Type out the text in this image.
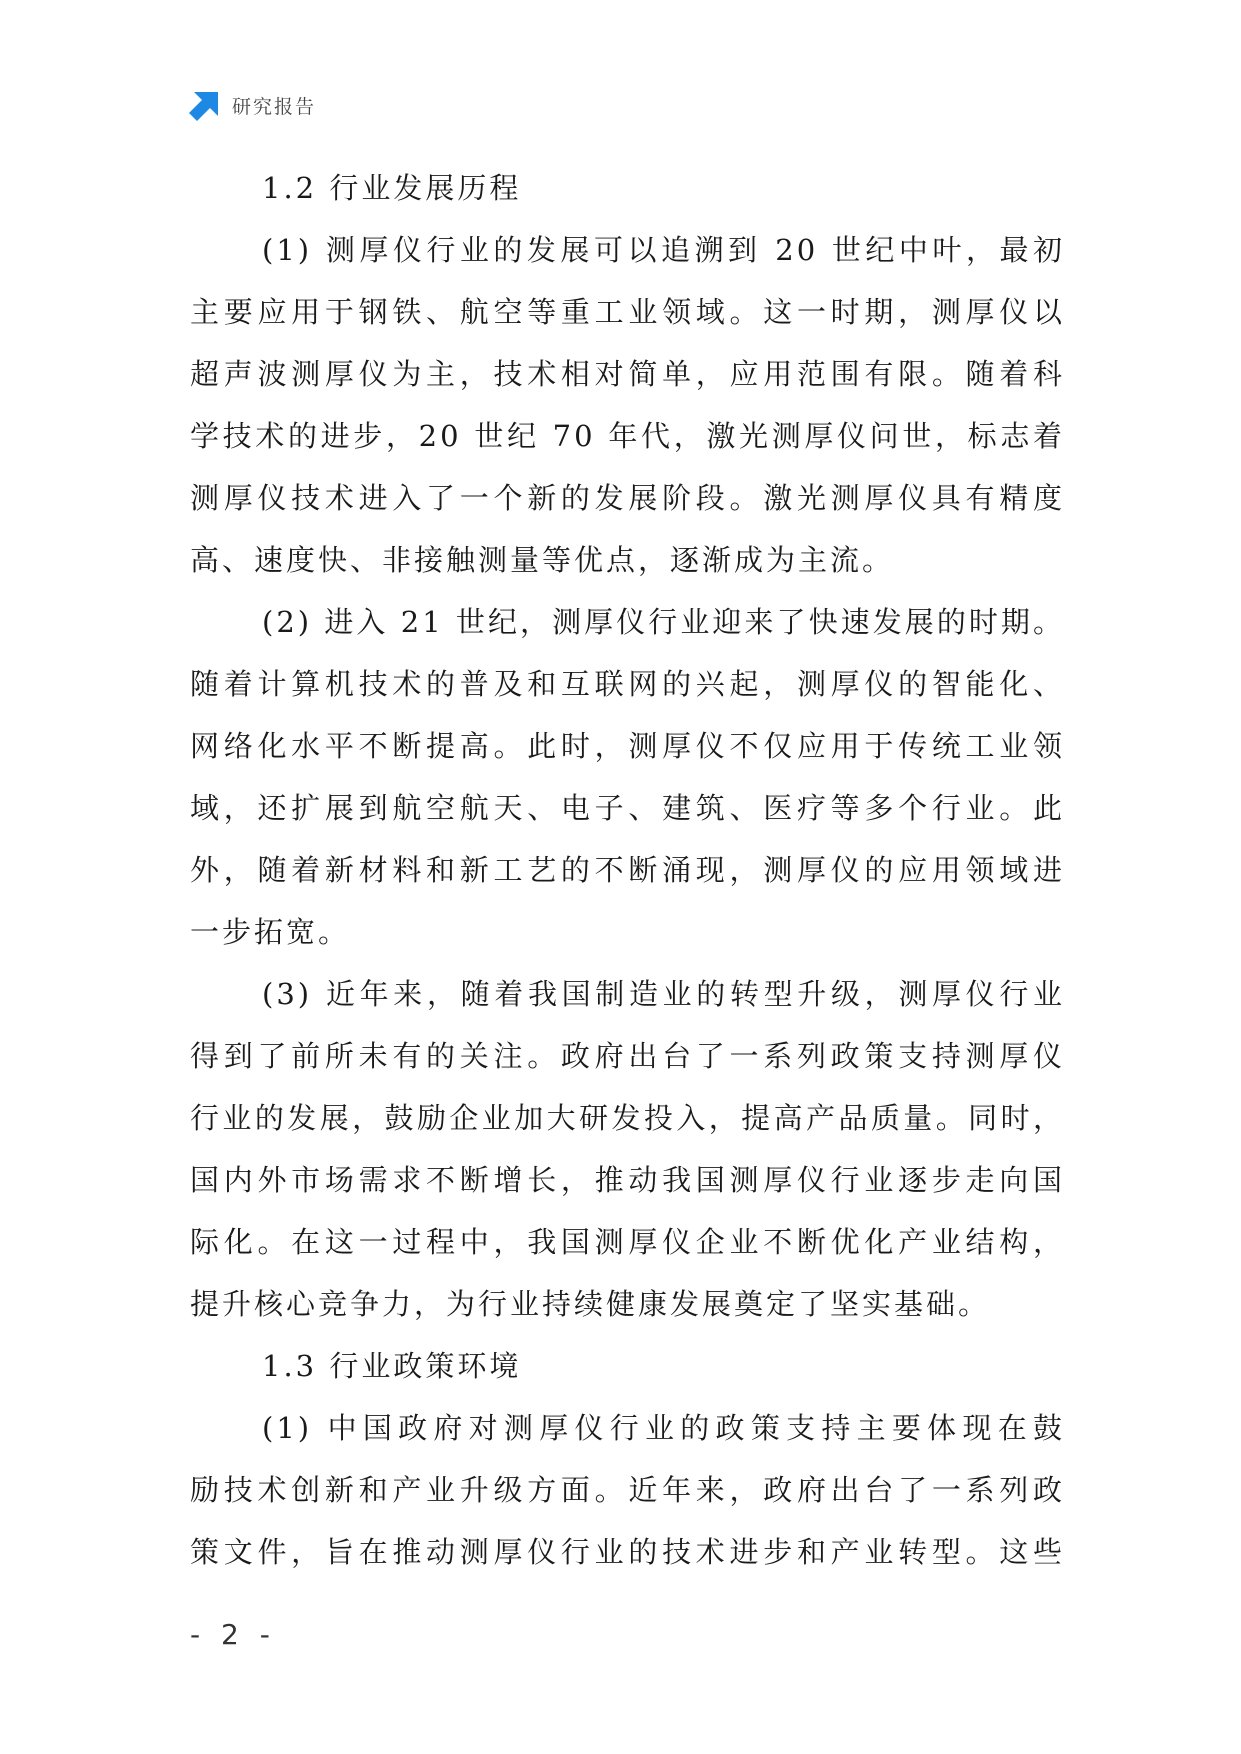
研究报告
1.2 行业发展历程
(1) 测厚仪行业的发展可以追溯到 20 世纪中叶，最初
主要应用于钢铁、航空等重工业领域。这一时期，测厚仪以
超声波测厚仪为主，技术相对简单，应用范围有限。随着科
学技术的进步，20 世纪 70 年代，激光测厚仪问世，标志着
测厚仪技术进入了一个新的发展阶段。激光测厚仪具有精度
高、速度快、非接触测量等优点，逐渐成为主流。
(2) 进入 21 世纪，测厚仪行业迎来了快速发展的时期。
随着计算机技术的普及和互联网的兴起，测厚仪的智能化、
网络化水平不断提高。此时，测厚仪不仅应用于传统工业领
域，还扩展到航空航天、电子、建筑、医疗等多个行业。此
外，随着新材料和新工艺的不断涌现，测厚仪的应用领域进
一步拓宽。
(3) 近年来，随着我国制造业的转型升级，测厚仪行业
得到了前所未有的关注。政府出台了一系列政策支持测厚仪
行业的发展，鼓励企业加大研发投入，提高产品质量。同时，
国内外市场需求不断增长，推动我国测厚仪行业逐步走向国
际化。在这一过程中，我国测厚仪企业不断优化产业结构，
提升核心竞争力，为行业持续健康发展奠定了坚实基础。
1.3 行业政策环境
(1) 中国政府对测厚仪行业的政策支持主要体现在鼓
励技术创新和产业升级方面。近年来，政府出台了一系列政
策文件，旨在推动测厚仪行业的技术进步和产业转型。这些
- 2 -
